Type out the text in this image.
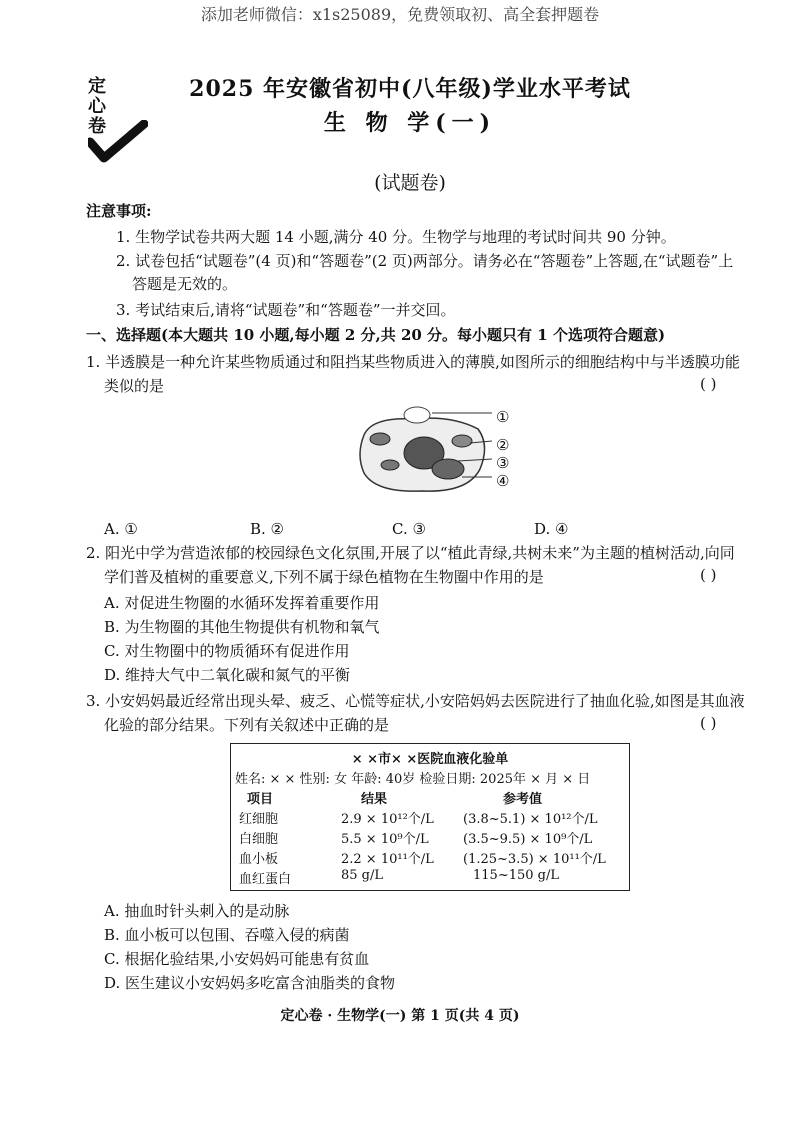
添加老师微信：x1s25089，免费领取初、高全套押题卷
定
心
卷
2025 年安徽省初中(八年级)学业水平考试
生 物 学(一)
(试题卷)
注意事项:
1. 生物学试卷共两大题 14 小题,满分 40 分。生物学与地理的考试时间共 90 分钟。
2. 试卷包括“试题卷”(4 页)和“答题卷”(2 页)两部分。请务必在“答题卷”上答题,在“试题卷”上
答题是无效的。
3. 考试结束后,请将“试题卷”和“答题卷”一并交回。
一、选择题(本大题共 10 小题,每小题 2 分,共 20 分。每小题只有 1 个选项符合题意)
1. 半透膜是一种允许某些物质通过和阻挡某些物质进入的薄膜,如图所示的细胞结构中与半透膜功能
类似的是	( )
①
②
③
④
A. ①	B. ②	C. ③	D. ④
2. 阳光中学为营造浓郁的校园绿色文化氛围,开展了以“植此青绿,共树未来”为主题的植树活动,向同
学们普及植树的重要意义,下列不属于绿色植物在生物圈中作用的是	( )
A. 对促进生物圈的水循环发挥着重要作用
B. 为生物圈的其他生物提供有机物和氧气
C. 对生物圈中的物质循环有促进作用
D. 维持大气中二氧化碳和氮气的平衡
3. 小安妈妈最近经常出现头晕、疲乏、心慌等症状,小安陪妈妈去医院进行了抽血化验,如图是其血液
化验的部分结果。下列有关叙述中正确的是	( )
× ×市× ×医院血液化验单
姓名: × × 性别: 女 年龄: 40岁 检验日期: 2025年 × 月 × 日
项目	结果	参考值
红细胞	2.9 × 10¹²个/L (3.8~5.1) × 10¹²个/L
白细胞	5.5 × 10⁹个/L	(3.5~9.5) × 10⁹个/L
血小板	2.2 × 10¹¹个/L (1.25~3.5) × 10¹¹个/L
血红蛋白	85 g/L	115~150 g/L
A. 抽血时针头刺入的是动脉
B. 血小板可以包围、吞噬入侵的病菌
C. 根据化验结果,小安妈妈可能患有贫血
D. 医生建议小安妈妈多吃富含油脂类的食物
定心卷 · 生物学(一) 第 1 页(共 4 页)
